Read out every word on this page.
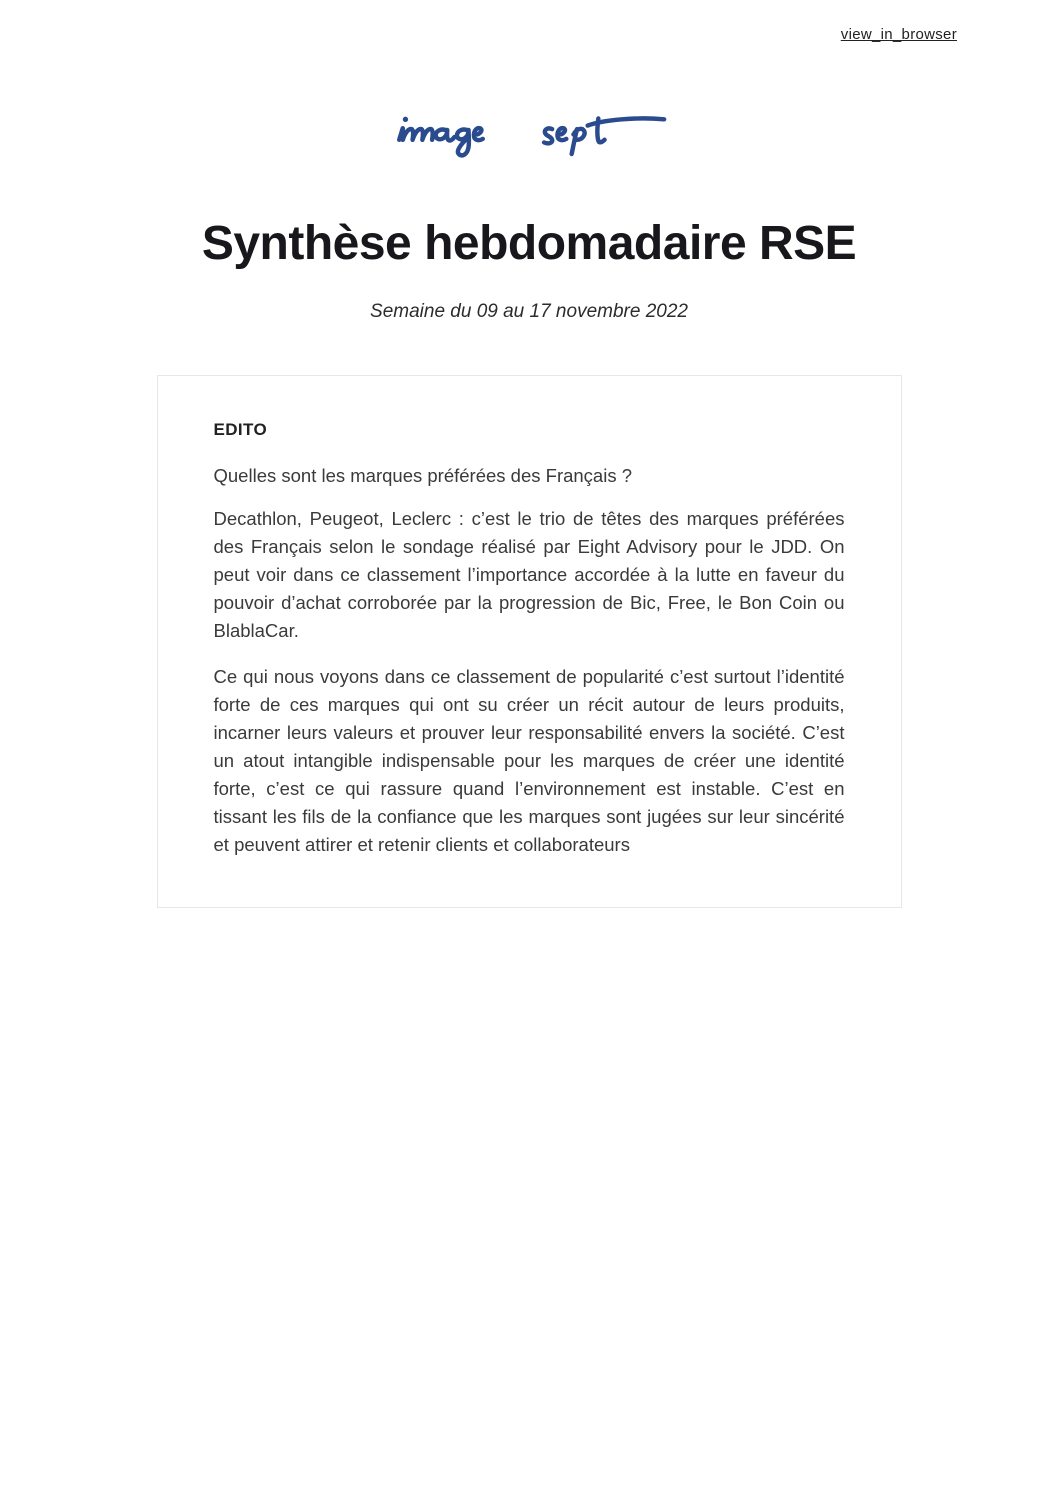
view_in_browser
Synthèse hebdomadaire RSE
Semaine du 09 au 17 novembre 2022
EDITO

Quelles sont les marques préférées des Français ?

Decathlon, Peugeot, Leclerc : c’est le trio de têtes des marques préférées des Français selon le sondage réalisé par Eight Advisory pour le JDD. On peut voir dans ce classement l’importance accordée à la lutte en faveur du pouvoir d’achat corroborée par la progression de Bic, Free, le Bon Coin ou BlablaCar.

Ce qui nous voyons dans ce classement de popularité c’est surtout l’identité forte de ces marques qui ont su créer un récit autour de leurs produits, incarner leurs valeurs et prouver leur responsabilité envers la société. C’est un atout intangible indispensable pour les marques de créer une identité forte, c’est ce qui rassure quand l’environnement est instable. C’est en tissant les fils de la confiance que les marques sont jugées sur leur sincérité et peuvent attirer et retenir clients et collaborateurs
